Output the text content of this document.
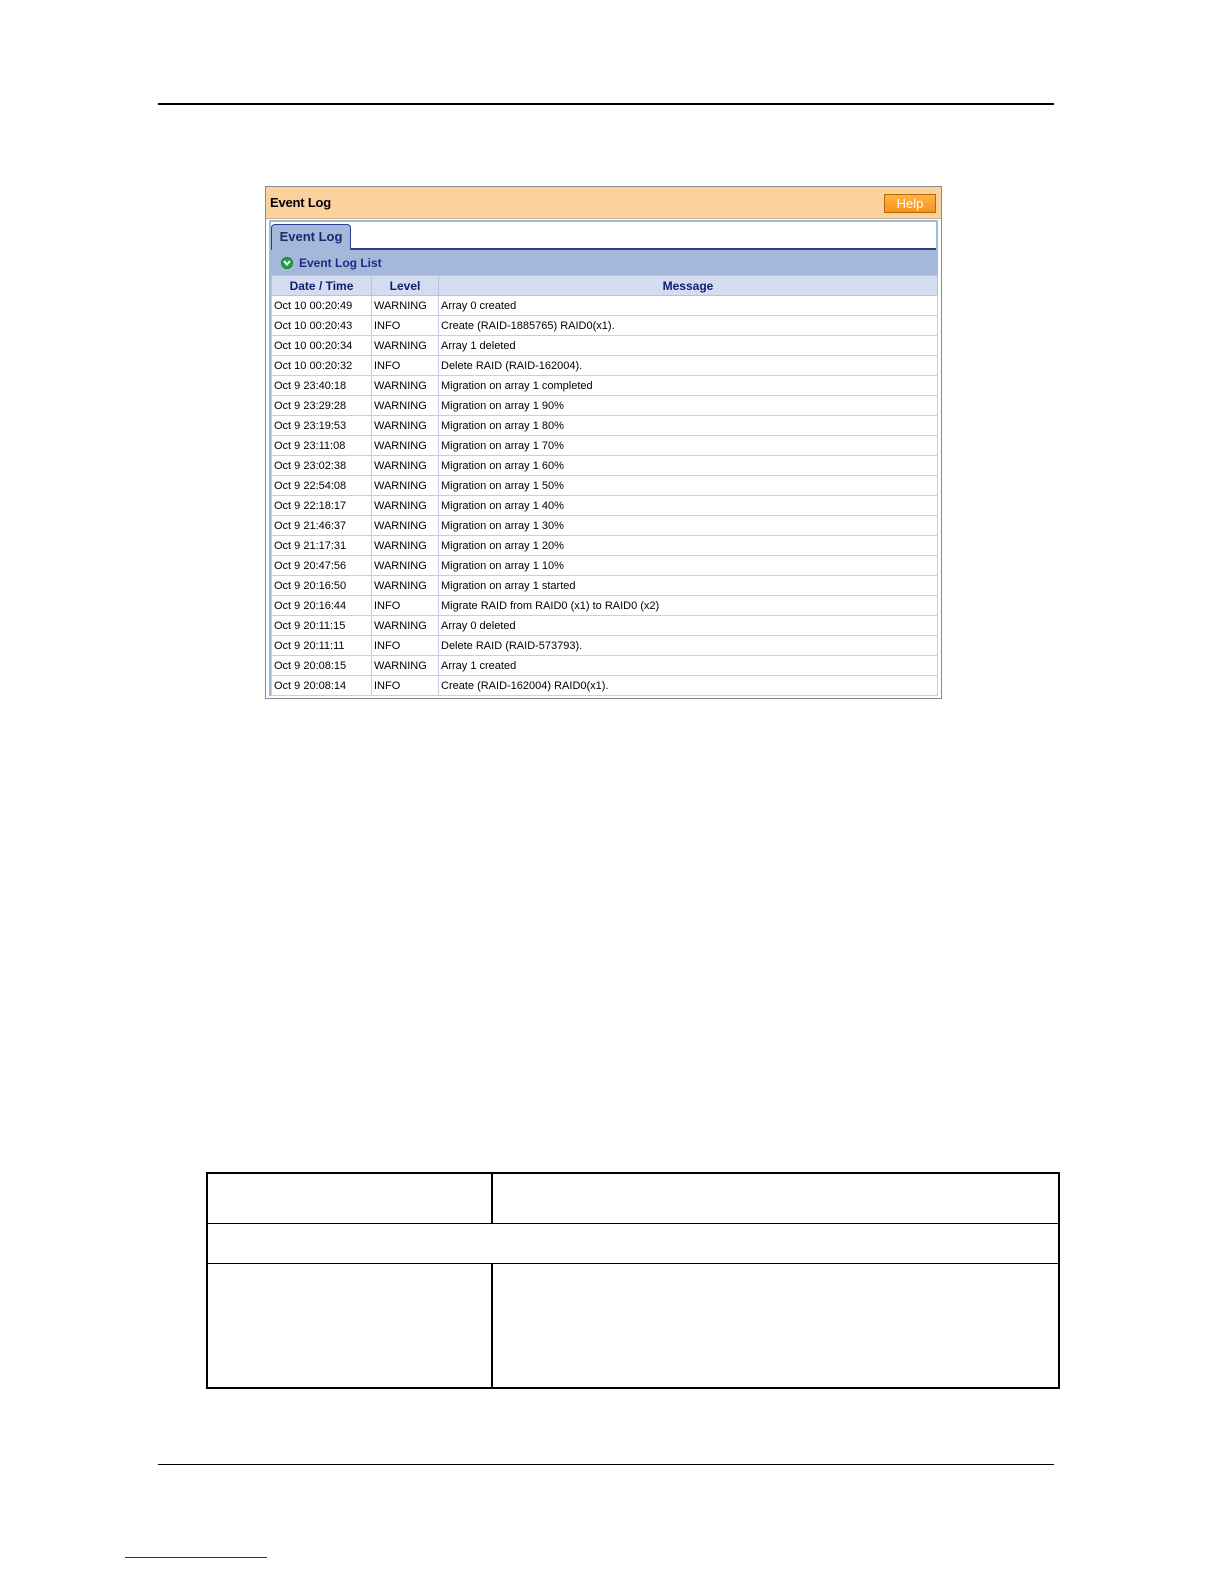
Event Log	Help
Event Log
Event Log List
Date / Time	Level	Message
Oct 10 00:20:49	WARNING	Array 0 created
Oct 10 00:20:43	INFO	Create (RAID-1885765) RAID0(x1).
Oct 10 00:20:34	WARNING	Array 1 deleted
Oct 10 00:20:32	INFO	Delete RAID (RAID-162004).
Oct 9 23:40:18	WARNING	Migration on array 1 completed
Oct 9 23:29:28	WARNING	Migration on array 1 90%
Oct 9 23:19:53	WARNING	Migration on array 1 80%
Oct 9 23:11:08	WARNING	Migration on array 1 70%
Oct 9 23:02:38	WARNING	Migration on array 1 60%
Oct 9 22:54:08	WARNING	Migration on array 1 50%
Oct 9 22:18:17	WARNING	Migration on array 1 40%
Oct 9 21:46:37	WARNING	Migration on array 1 30%
Oct 9 21:17:31	WARNING	Migration on array 1 20%
Oct 9 20:47:56	WARNING	Migration on array 1 10%
Oct 9 20:16:50	WARNING	Migration on array 1 started
Oct 9 20:16:44	INFO	Migrate RAID from RAID0 (x1) to RAID0 (x2)
Oct 9 20:11:15	WARNING	Array 0 deleted
Oct 9 20:11:11	INFO	Delete RAID (RAID-573793).
Oct 9 20:08:15	WARNING	Array 1 created
Oct 9 20:08:14	INFO	Create (RAID-162004) RAID0(x1).
